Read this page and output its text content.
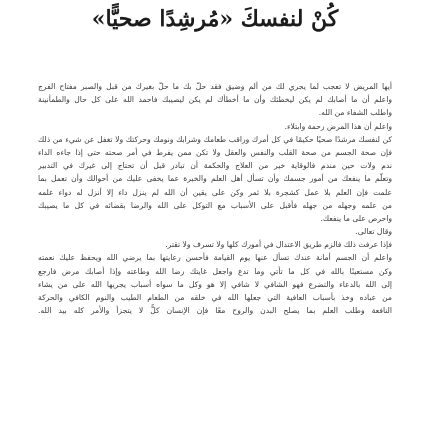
كُنْ لنفسكَ «مُرشِدًا صحيًّا»
أيها المريض لا تعجب لما يجري لك من ألم وضيق فقد حلّ بك ما حلّ بغيرك من قبل والصبر مفتاح الفرج
واعلم أن ما أصابك لم يكن ليخطئك وأن ما أخطأك لم يكن ليصيبك فاحمد الله على كل حال والطمأنينة
واطلب الشفاء من الله.
واعلم أن هذا المرض رحمة وابتلاء.
كن لنفسك مرشدًا صحيًا حكيمًا في كل أمرك وراقب طعامك وشرابك ونومك وحركتك ولا تغفل عن شيء من ذلك
فإن صحة الجسم من صحة القلب والنفس والعقل ولا تكن ممن يفرط في أمر صحته حتى إذا جاءه الداء
ندم ولات حين مندم فالوقاية خير من العلاج والحكمة أن تبادر قبل أن تحتاج إلى غيرك في التدبير
وتعلّم ما ينفعك من أمور جسمك وأن تسأل أهل العلم والخبرة عما يخفى عليك من أحوالك وأن تعمل بما
علمت فإن العلم بلا عمل كشجرة بلا ثمر وكن على يقين أن الله لم ينزل داء إلا أنزل له دواء علمه
من علمه وجهله من جهله فأقبل على الأسباب مع التوكل على الله والرضا بقضائه في كل ما يصيبك
واحرص على ما ينفعك.
وقال تعالى.
فإذا عرفت ذلك فالزم طريق الاعتدال في أمورك كلها ولا تسرف ولا تقتر.
واعلم أن الجسم أمانة عندك تسأل عنها يوم القيامة فأحسن رعايتها بما يرضي الله ويحفظ عليك نعمته
وكن مستعينًا بالله في كل ما تأتي وما تدع واجعل غايتك رضا الله وطاعته وإذا أصابك مرض فارجع
إلى الله بالدعاء والتضرع فهو الشافي لا شافي إلا هو وكل ما سواه أسباب يجريها الله على من يشاء
من عباده وخذ بأسباب العافية التي جعلها الله في خلقه من الطعام الطيب والنوم الكافي والحركة
النافعة وطلب العلم بما يصلح البدن والروح معًا فإن الإنسان كلٌّ لا يتجزأ والأمر كله بيد الله.
